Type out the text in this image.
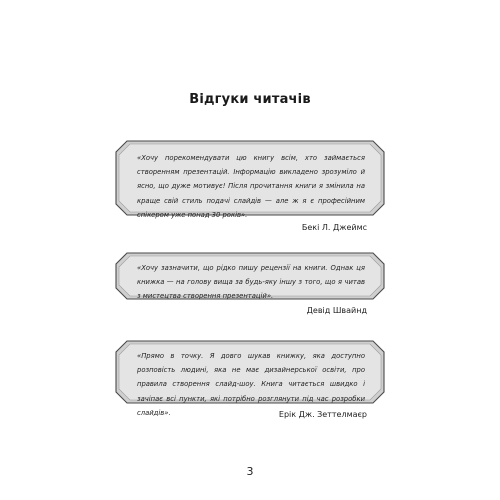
Відгуки читачів
«Хочу порекомендувати цю книгу всім, хто займається створенням презентацій. Інформацію викладено зрозуміло й ясно, що дуже мотивує! Після прочитання книги я змінила на краще свій стиль подачі слайдів — але ж я є професійним спікером уже понад 30 років».
Бекі Л. Джеймс
«Хочу зазначити, що рідко пишу рецензії на книги. Однак ця книжка — на голову вища за будь-яку іншу з того, що я читав з мистецтва створення презентацій».
Девід Швайнд
«Прямо в точку. Я довго шукав книжку, яка доступно розповість людині, яка не має дизайнерської освіти, про правила створення слайд-шоу. Книга читається швидко і зачіпає всі пункти, які потрібно розглянути під час розробки слайдів».	Ерік Дж. Зеттелмаєр
3
